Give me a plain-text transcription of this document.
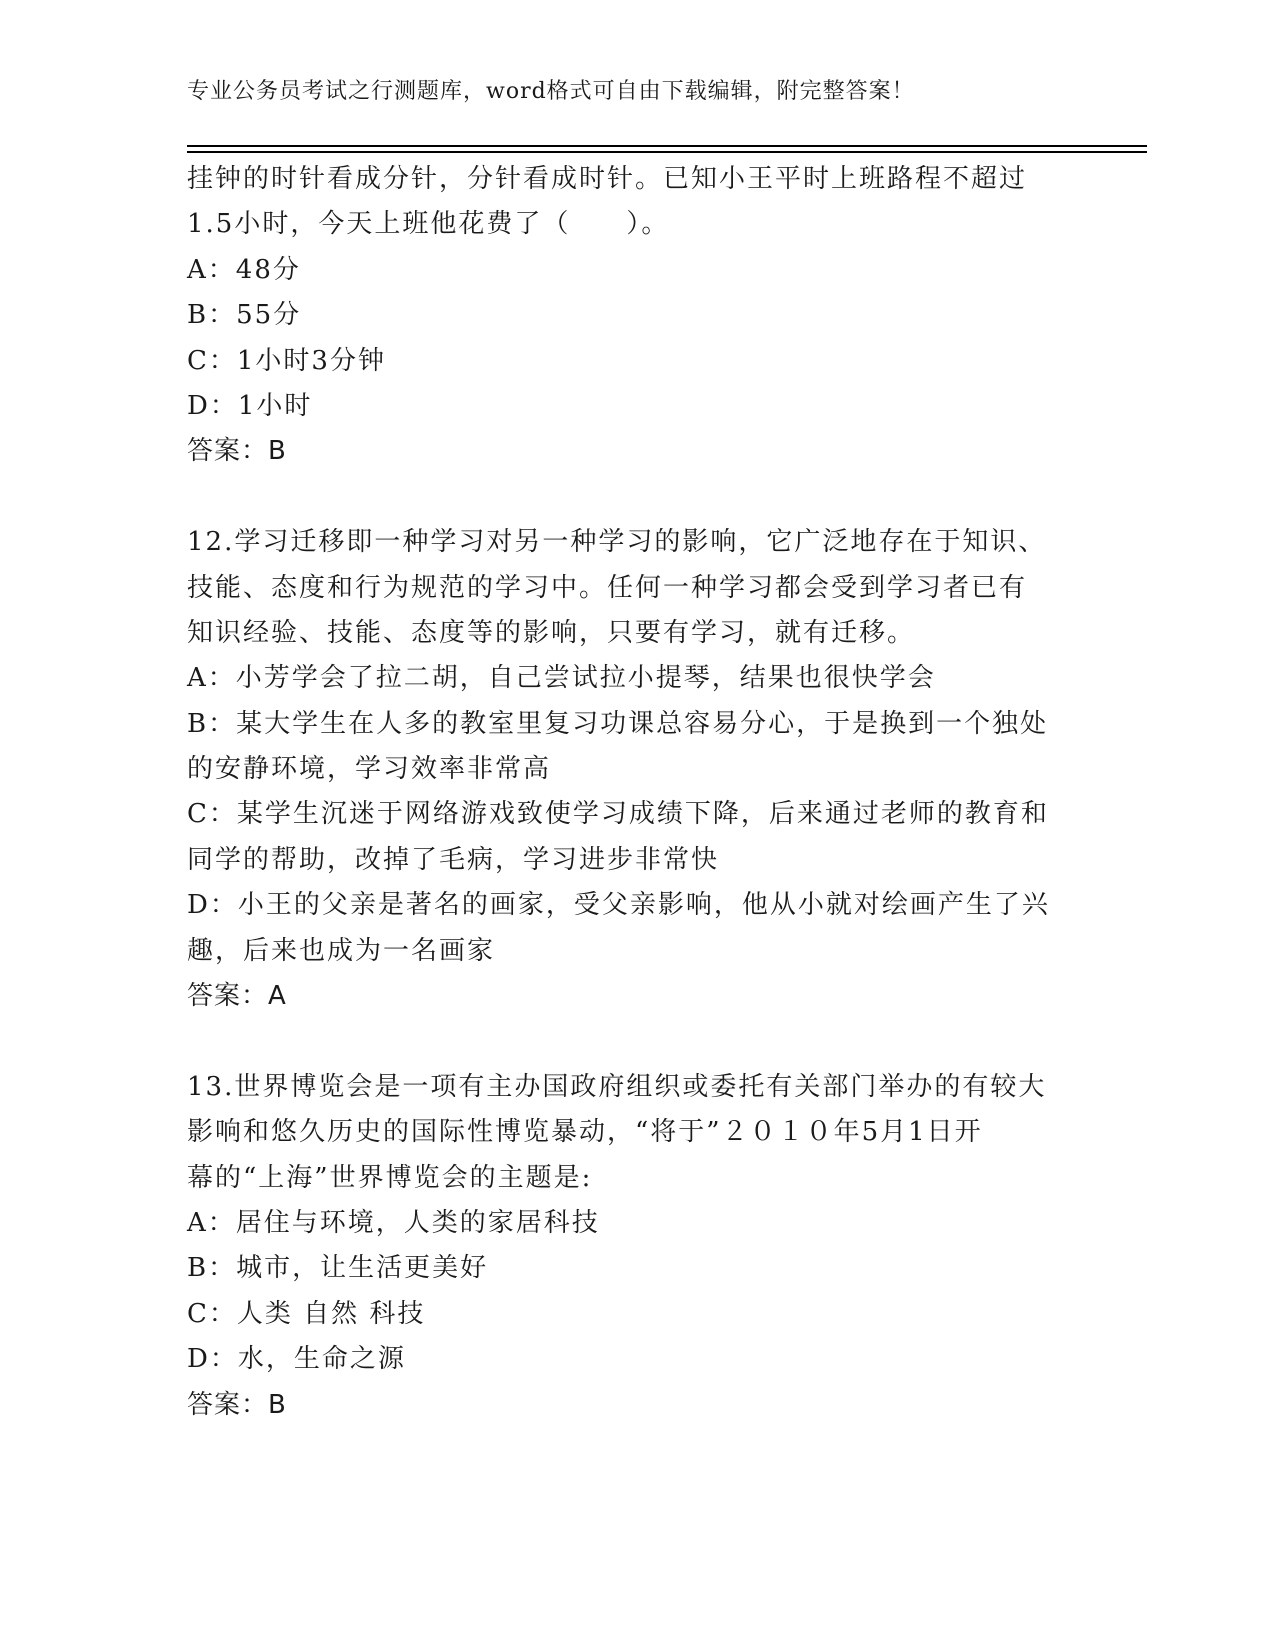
专业公务员考试之行测题库，word格式可自由下载编辑，附完整答案！
挂钟的时针看成分针，分针看成时针。已知小王平时上班路程不超过
1.5小时，今天上班他花费了（　　）。
A：48分
B：55分
C：1小时3分钟
D：1小时
答案：B
12.学习迁移即一种学习对另一种学习的影响，它广泛地存在于知识、
技能、态度和行为规范的学习中。任何一种学习都会受到学习者已有
知识经验、技能、态度等的影响，只要有学习，就有迁移。
A：小芳学会了拉二胡，自己尝试拉小提琴，结果也很快学会
B：某大学生在人多的教室里复习功课总容易分心，于是换到一个独处
的安静环境，学习效率非常高
C：某学生沉迷于网络游戏致使学习成绩下降，后来通过老师的教育和
同学的帮助，改掉了毛病，学习进步非常快
D：小王的父亲是著名的画家，受父亲影响，他从小就对绘画产生了兴
趣，后来也成为一名画家
答案：A
13.世界博览会是一项有主办国政府组织或委托有关部门举办的有较大
影响和悠久历史的国际性博览暴动，“将于”２０１０年5月1日开
幕的“上海”世界博览会的主题是:
A：居住与环境，人类的家居科技
B：城市，让生活更美好
C：人类 自然 科技
D：水，生命之源
答案：B
